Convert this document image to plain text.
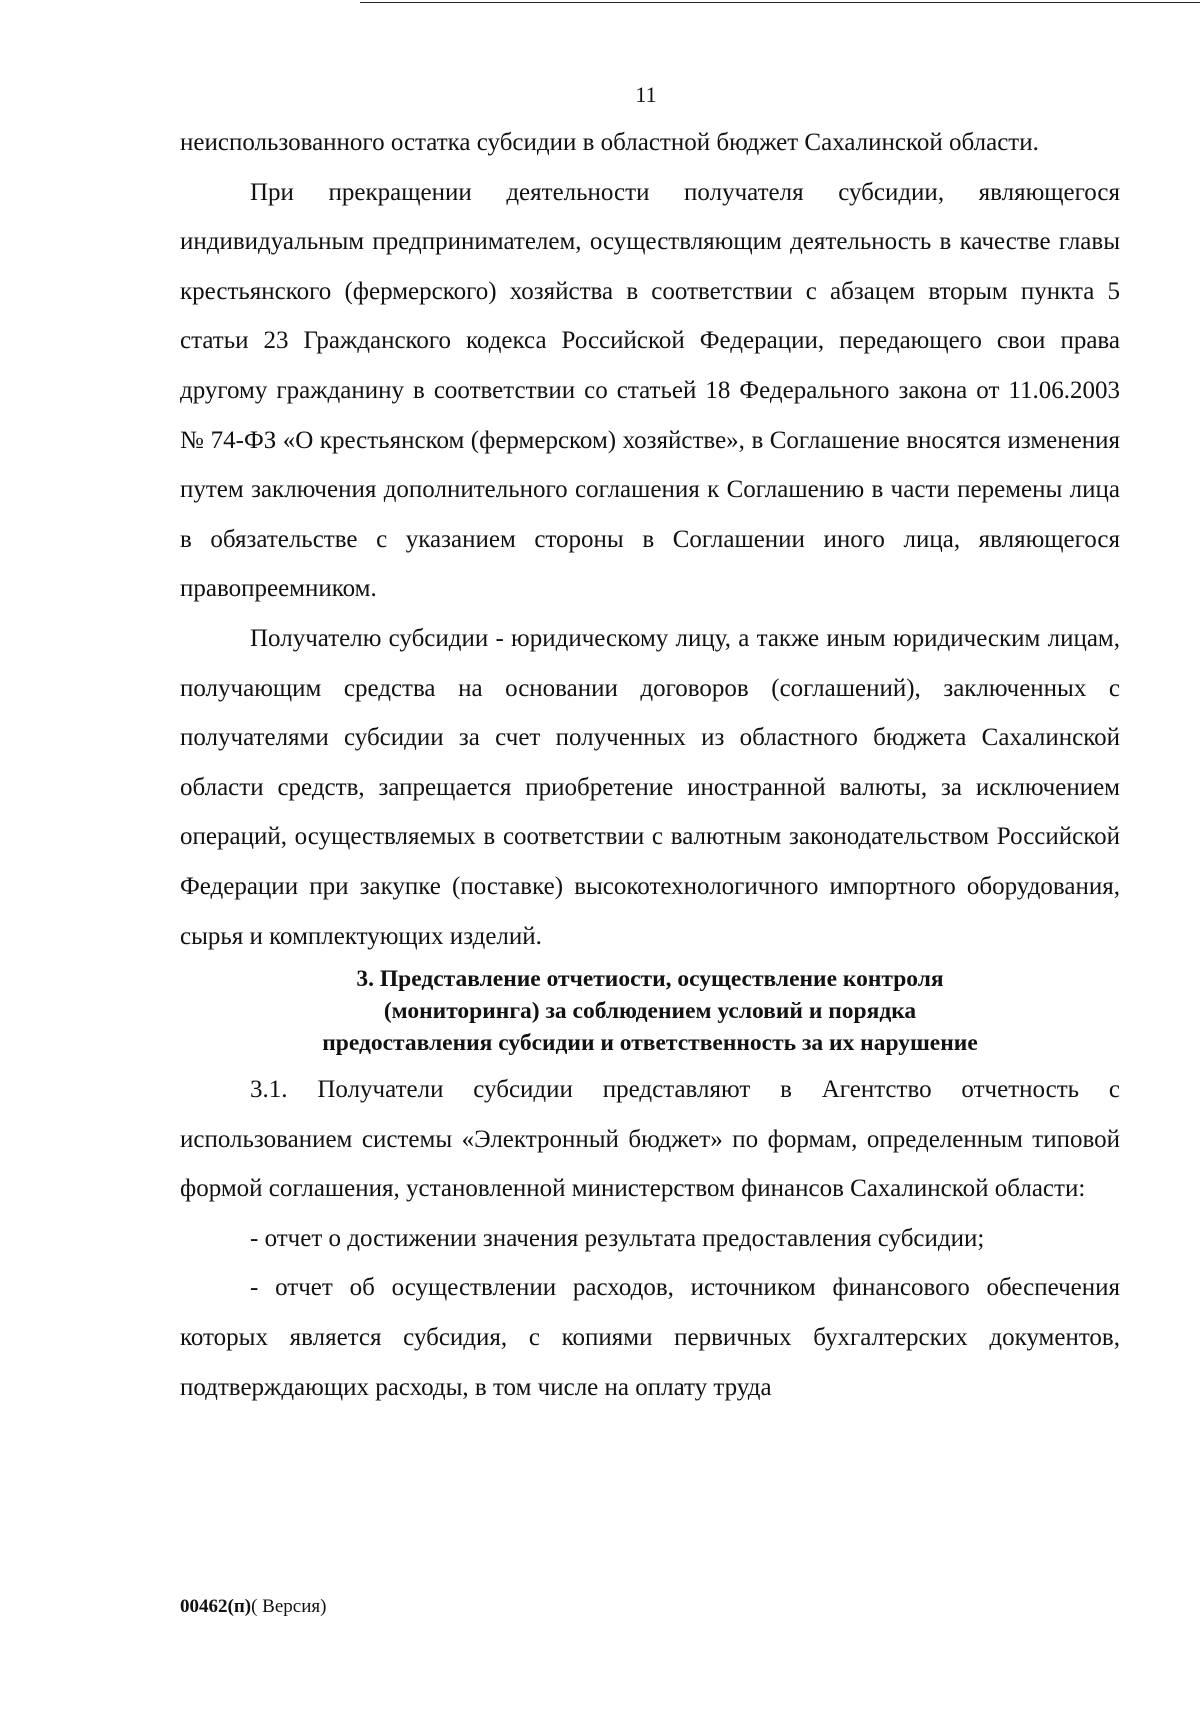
11

неиспользованного остатка субсидии в областной бюджет Сахалинской области.

При прекращении деятельности получателя субсидии, являющегося индивидуальным предпринимателем, осуществляющим деятельность в качестве главы крестьянского (фермерского) хозяйства в соответствии с абзацем вторым пункта 5 статьи 23 Гражданского кодекса Российской Федерации, передающего свои права другому гражданину в соответствии со статьей 18 Федерального закона от 11.06.2003 № 74-ФЗ «О крестьянском (фермерском) хозяйстве», в Соглашение вносятся изменения путем заключения дополнительного соглашения к Соглашению в части перемены лица в обязательстве с указанием стороны в Соглашении иного лица, являющегося правопреемником.

Получателю субсидии - юридическому лицу, а также иным юридическим лицам, получающим средства на основании договоров (соглашений), заключенных с получателями субсидии за счет полученных из областного бюджета Сахалинской области средств, запрещается приобретение иностранной валюты, за исключением операций, осуществляемых в соответствии с валютным законодательством Российской Федерации при закупке (поставке) высокотехнологичного импортного оборудования, сырья и комплектующих изделий.

3. Представление отчетиости, осуществление контроля
(мониторинга) за соблюдением условий и порядка
предоставления субсидии и ответственность за их нарушение

3.1. Получатели субсидии представляют в Агентство отчетность с использованием системы «Электронный бюджет» по формам, определенным типовой формой соглашения, установленной министерством финансов Сахалинской области:

- отчет о достижении значения результата предоставления субсидии;

- отчет об осуществлении расходов, источником финансового обеспечения которых является субсидия, с копиями первичных бухгалтерских документов, подтверждающих расходы, в том числе на оплату труда

00462(п)( Версия)
